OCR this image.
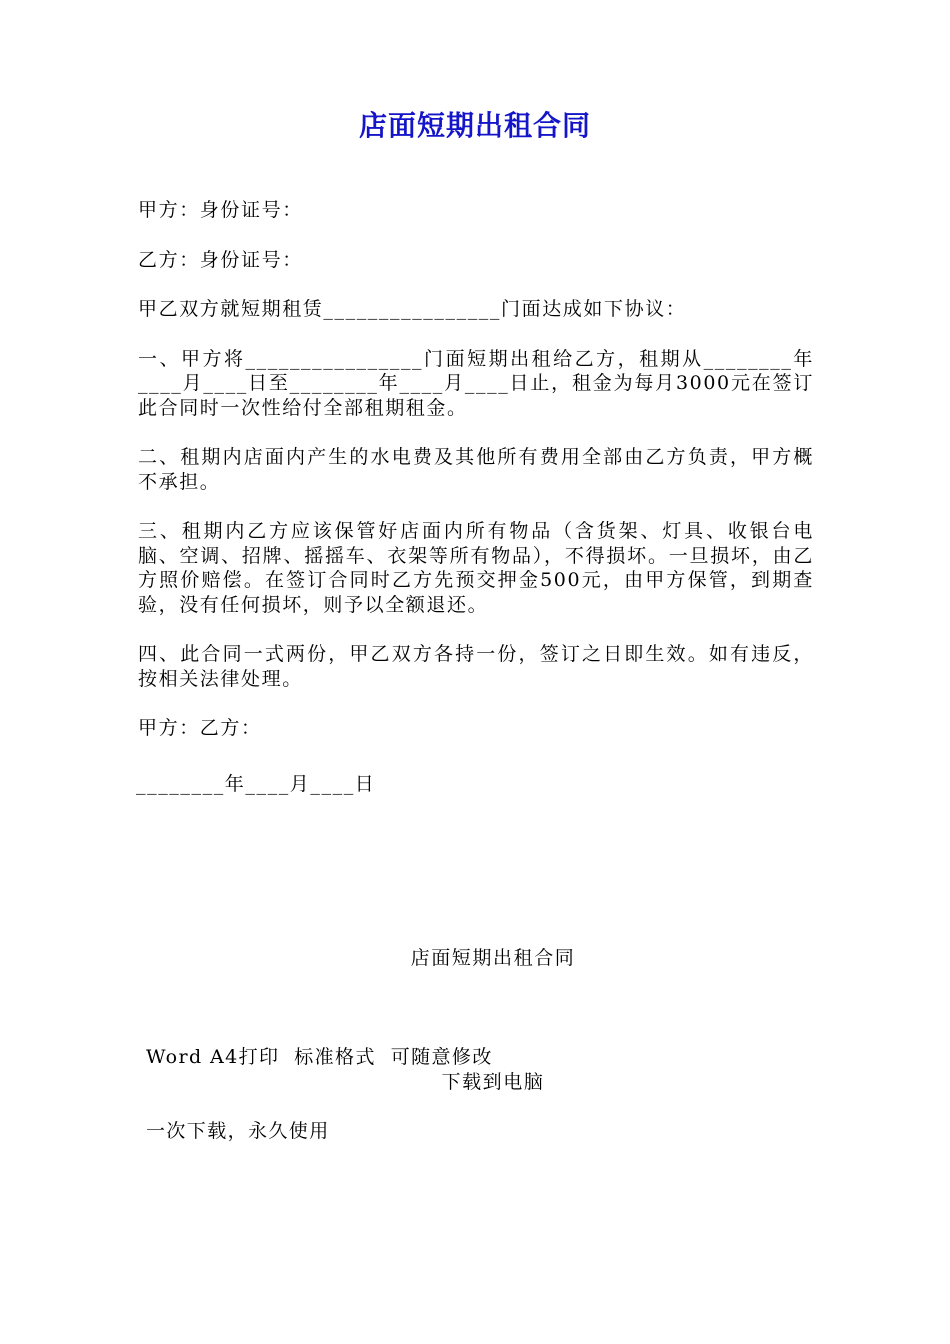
店面短期出租合同

甲方：身份证号：

乙方：身份证号：

甲乙双方就短期租赁________________门面达成如下协议：

一、甲方将________________门面短期出租给乙方，租期从________年____月____日至________年____月____日止，租金为每月3000元在签订此合同时一次性给付全部租期租金。

二、租期内店面内产生的水电费及其他所有费用全部由乙方负责，甲方概不承担。

三、租期内乙方应该保管好店面内所有物品（含货架、灯具、收银台电脑、空调、招牌、摇摇车、衣架等所有物品），不得损坏。一旦损坏，由乙方照价赔偿。在签订合同时乙方先预交押金500元，由甲方保管，到期查验，没有任何损坏，则予以全额退还。

四、此合同一式两份，甲乙双方各持一份，签订之日即生效。如有违反，按相关法律处理。

甲方：乙方：

________年____月____日
店面短期出租合同

Word A4打印  标准格式  可随意修改

一次下载，永久使用

下载到电脑
